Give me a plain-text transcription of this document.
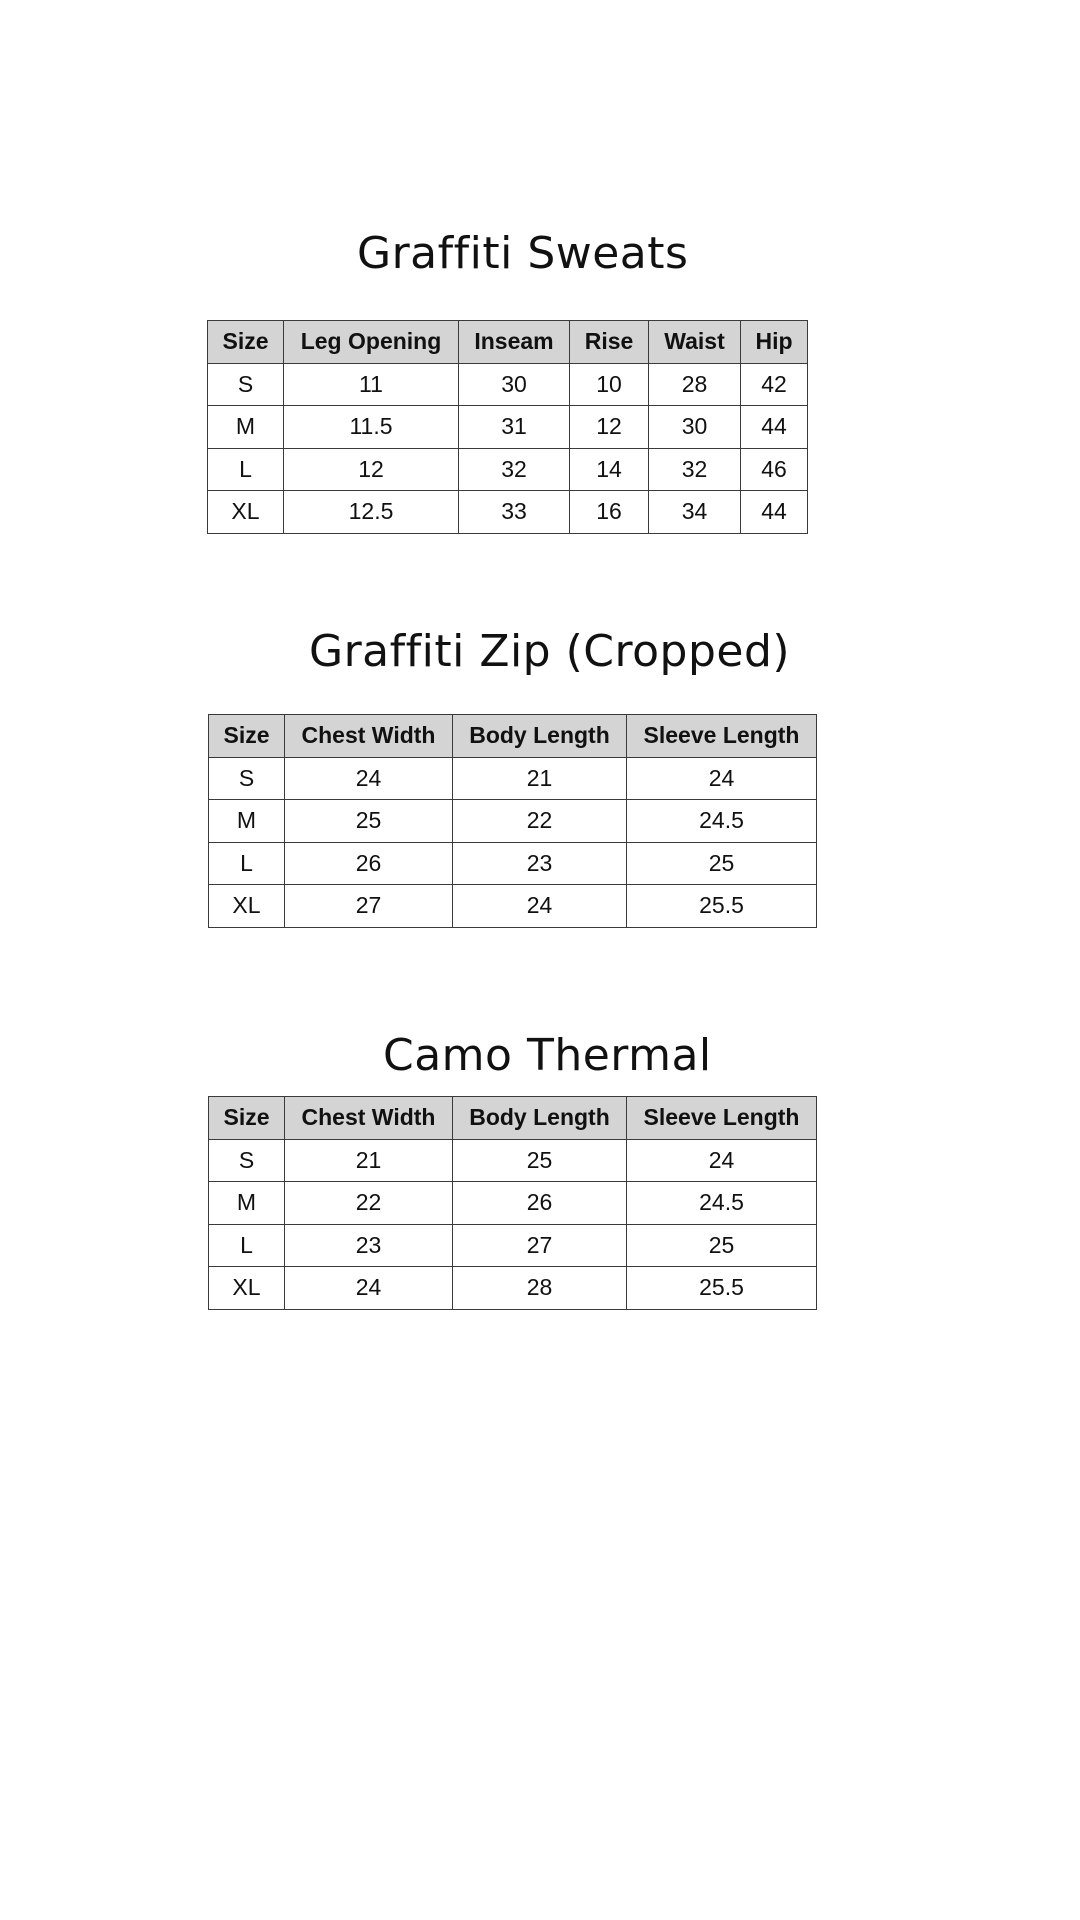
Graffiti Sweats
Size	Leg Opening	Inseam	Rise	Waist	Hip
S	11	30	10	28	42
M	11.5	31	12	30	44
L	12	32	14	32	46
XL	12.5	33	16	34	44
Graffiti Zip (Cropped)
Size	Chest Width	Body Length	Sleeve Length
S	24	21	24
M	25	22	24.5
L	26	23	25
XL	27	24	25.5
Camo Thermal
Size	Chest Width	Body Length	Sleeve Length
S	21	25	24
M	22	26	24.5
L	23	27	25
XL	24	28	25.5
